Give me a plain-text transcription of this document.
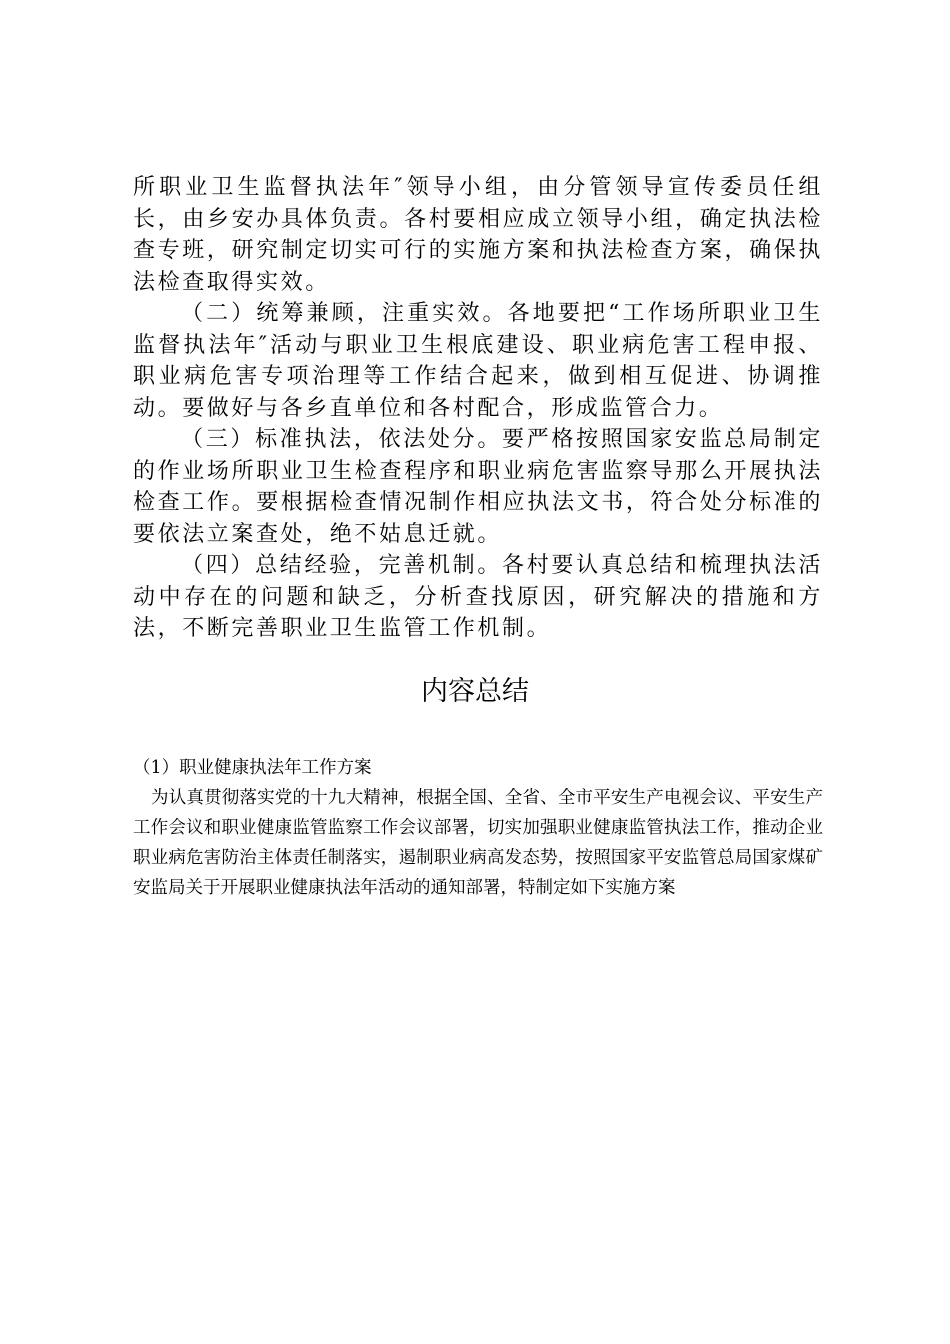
所职业卫生监督执法年″领导小组，由分管领导宣传委员任组长，由乡安办具体负责。各村要相应成立领导小组，确定执法检查专班，研究制定切实可行的实施方案和执法检查方案，确保执法检查取得实效。

（二）统筹兼顾，注重实效。各地要把“工作场所职业卫生监督执法年″活动与职业卫生根底建设、职业病危害工程申报、职业病危害专项治理等工作结合起来，做到相互促进、协调推动。要做好与各乡直单位和各村配合，形成监管合力。

（三）标准执法，依法处分。要严格按照国家安监总局制定的作业场所职业卫生检查程序和职业病危害监察导那么开展执法检查工作。要根据检查情况制作相应执法文书，符合处分标准的要依法立案查处，绝不姑息迁就。

（四）总结经验，完善机制。各村要认真总结和梳理执法活动中存在的问题和缺乏，分析查找原因，研究解决的措施和方法，不断完善职业卫生监管工作机制。

内容总结

（1）职业健康执法年工作方案

为认真贯彻落实党的十九大精神，根据全国、全省、全市平安生产电视会议、平安生产工作会议和职业健康监管监察工作会议部署，切实加强职业健康监管执法工作，推动企业职业病危害防治主体责任制落实，遏制职业病高发态势，按照国家平安监管总局国家煤矿安监局关于开展职业健康执法年活动的通知部署，特制定如下实施方案
